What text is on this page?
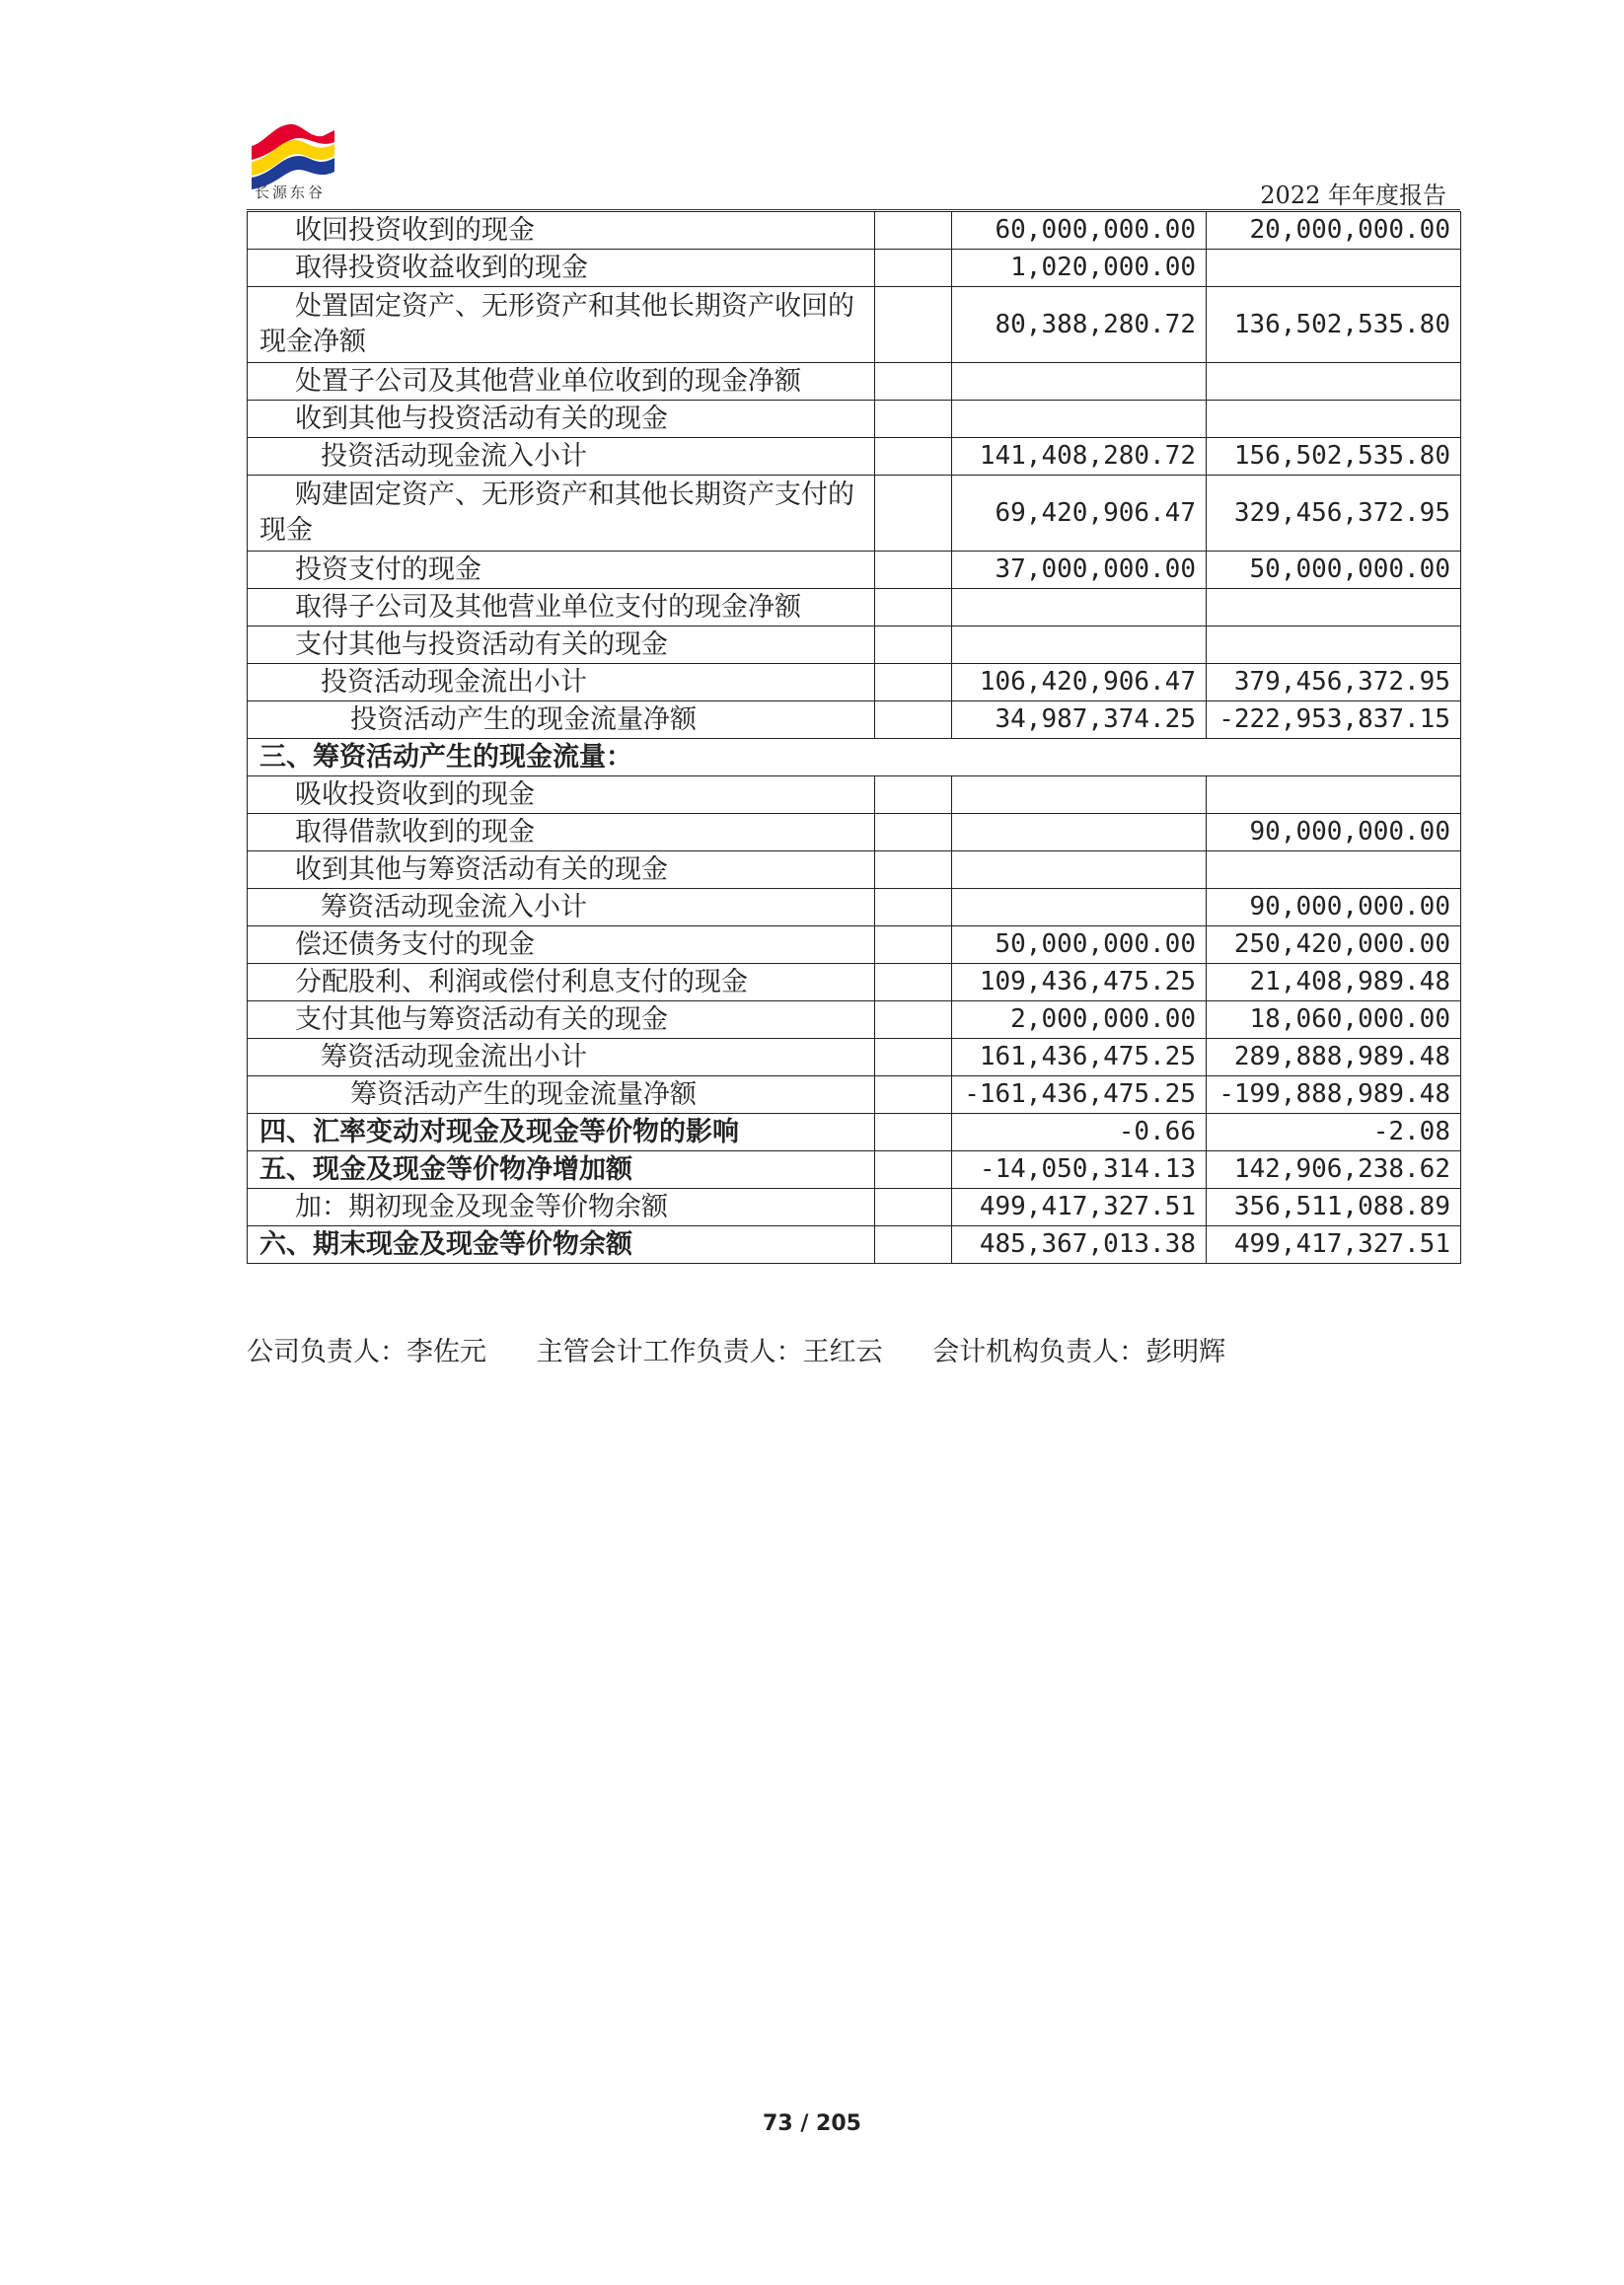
长源东谷	2022 年年度报告
收回投资收到的现金		60,000,000.00	20,000,000.00
取得投资收益收到的现金		1,020,000.00	
处置固定资产、无形资产和其他长期资产收回的现金净额		80,388,280.72	136,502,535.80
处置子公司及其他营业单位收到的现金净额			
收到其他与投资活动有关的现金			
投资活动现金流入小计		141,408,280.72	156,502,535.80
购建固定资产、无形资产和其他长期资产支付的现金		69,420,906.47	329,456,372.95
投资支付的现金		37,000,000.00	50,000,000.00
取得子公司及其他营业单位支付的现金净额			
支付其他与投资活动有关的现金			
投资活动现金流出小计		106,420,906.47	379,456,372.95
投资活动产生的现金流量净额		34,987,374.25	-222,953,837.15
三、筹资活动产生的现金流量：			
吸收投资收到的现金			
取得借款收到的现金			90,000,000.00
收到其他与筹资活动有关的现金			
筹资活动现金流入小计			90,000,000.00
偿还债务支付的现金		50,000,000.00	250,420,000.00
分配股利、利润或偿付利息支付的现金		109,436,475.25	21,408,989.48
支付其他与筹资活动有关的现金		2,000,000.00	18,060,000.00
筹资活动现金流出小计		161,436,475.25	289,888,989.48
筹资活动产生的现金流量净额		-161,436,475.25	-199,888,989.48
四、汇率变动对现金及现金等价物的影响		-0.66	-2.08
五、现金及现金等价物净增加额		-14,050,314.13	142,906,238.62
加：期初现金及现金等价物余额		499,417,327.51	356,511,088.89
六、期末现金及现金等价物余额		485,367,013.38	499,417,327.51
公司负责人：李佐元 主管会计工作负责人：王红云 会计机构负责人：彭明辉
73 / 205
